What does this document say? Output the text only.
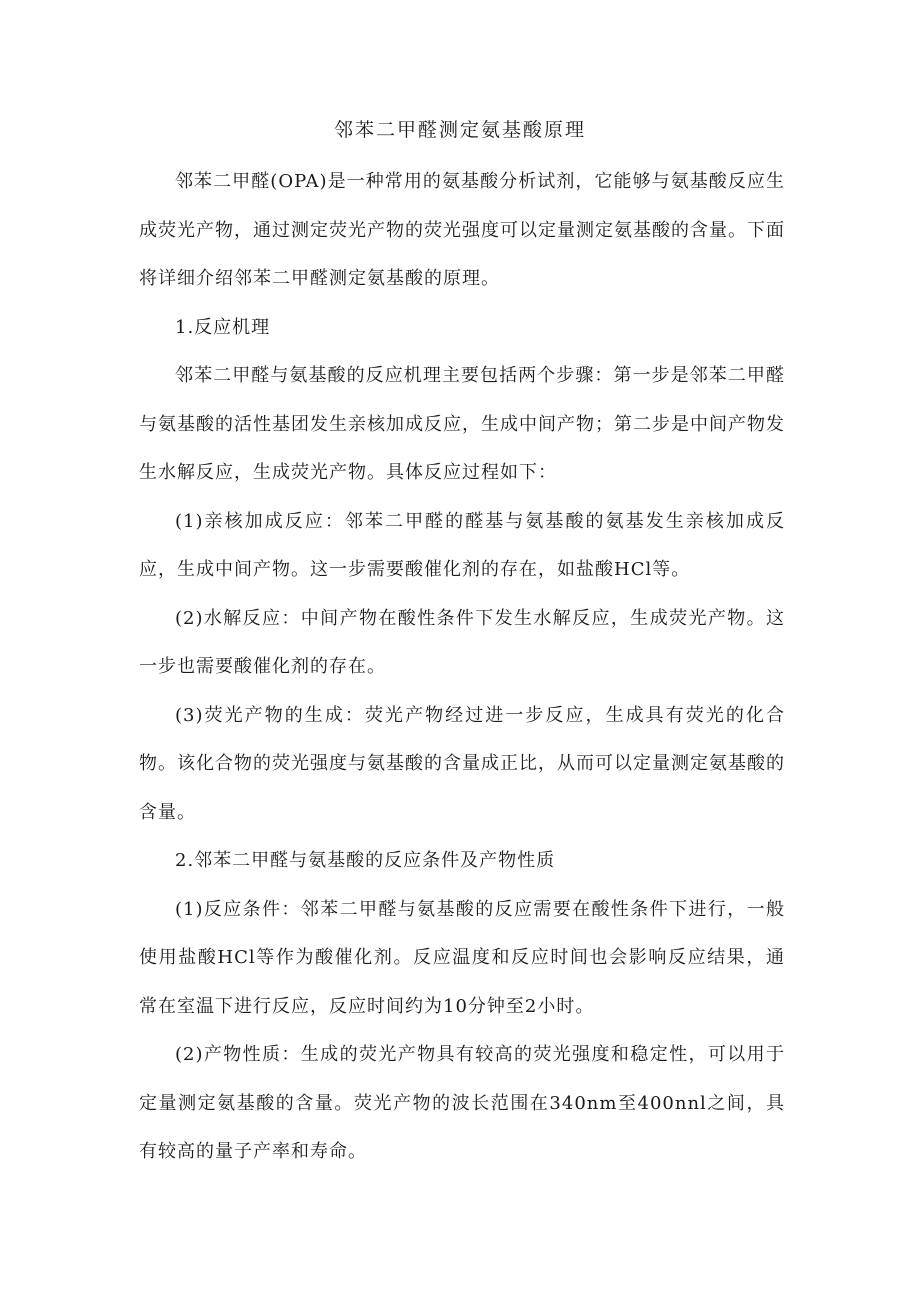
邻苯二甲醛测定氨基酸原理

邻苯二甲醛(OPA)是一种常用的氨基酸分析试剂，它能够与氨基酸反应生成荧光产物，通过测定荧光产物的荧光强度可以定量测定氨基酸的含量。下面将详细介绍邻苯二甲醛测定氨基酸的原理。

1.反应机理

邻苯二甲醛与氨基酸的反应机理主要包括两个步骤：第一步是邻苯二甲醛与氨基酸的活性基团发生亲核加成反应，生成中间产物；第二步是中间产物发生水解反应，生成荧光产物。具体反应过程如下：

(1)亲核加成反应：邻苯二甲醛的醛基与氨基酸的氨基发生亲核加成反应，生成中间产物。这一步需要酸催化剂的存在，如盐酸HCl等。

(2)水解反应：中间产物在酸性条件下发生水解反应，生成荧光产物。这一步也需要酸催化剂的存在。

(3)荧光产物的生成：荧光产物经过进一步反应，生成具有荧光的化合物。该化合物的荧光强度与氨基酸的含量成正比，从而可以定量测定氨基酸的含量。

2.邻苯二甲醛与氨基酸的反应条件及产物性质

(1)反应条件：邻苯二甲醛与氨基酸的反应需要在酸性条件下进行，一般使用盐酸HCl等作为酸催化剂。反应温度和反应时间也会影响反应结果，通常在室温下进行反应，反应时间约为10分钟至2小时。

(2)产物性质：生成的荧光产物具有较高的荧光强度和稳定性，可以用于定量测定氨基酸的含量。荧光产物的波长范围在340nm至400nnl之间，具有较高的量子产率和寿命。
